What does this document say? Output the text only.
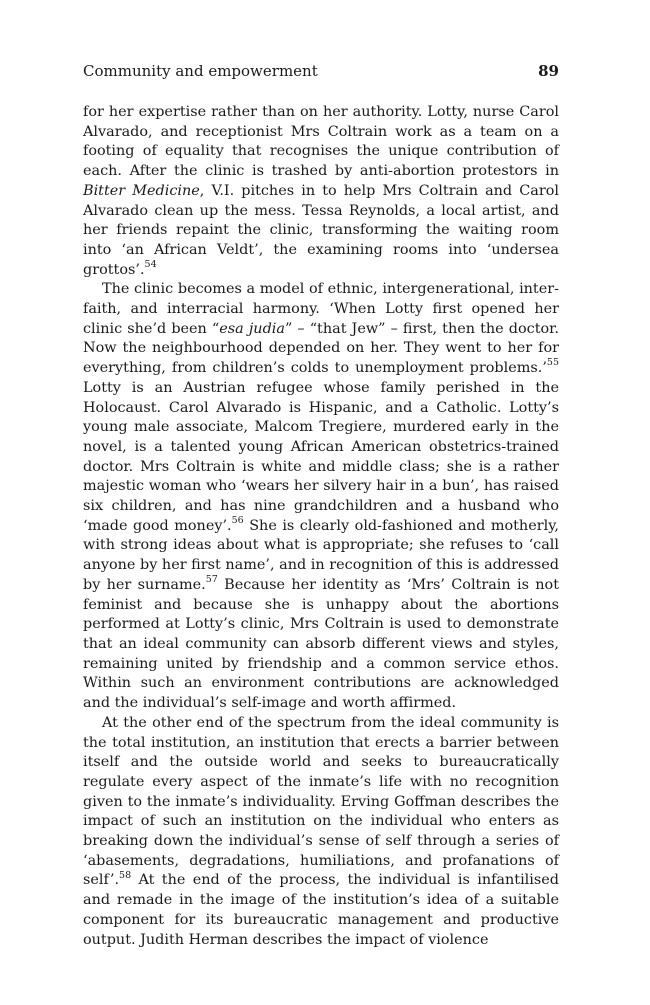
Community and empowerment	89

for her expertise rather than on her authority. Lotty, nurse Carol Alvarado, and receptionist Mrs Coltrain work as a team on a footing of equality that recognises the unique contribution of each. After the clinic is trashed by anti-abortion protestors in Bitter Medicine, V.I. pitches in to help Mrs Coltrain and Carol Alvarado clean up the mess. Tessa Reynolds, a local artist, and her friends repaint the clinic, transforming the waiting room into ‘an African Veldt’, the examining rooms into ‘undersea grottos’.$^{54}$

The clinic becomes a model of ethnic, intergenerational, interfaith, and interracial harmony. ‘When Lotty first opened her clinic she’d been “esa judia” – “that Jew” – first, then the doctor. Now the neighbourhood depended on her. They went to her for everything, from children’s colds to unemployment problems.’$^{55}$ Lotty is an Austrian refugee whose family perished in the Holocaust. Carol Alvarado is Hispanic, and a Catholic. Lotty’s young male associate, Malcom Tregiere, murdered early in the novel, is a talented young African American obstetrics-trained doctor. Mrs Coltrain is white and middle class; she is a rather majestic woman who ‘wears her silvery hair in a bun’, has raised six children, and has nine grandchildren and a husband who ‘made good money’.$^{56}$ She is clearly old-fashioned and motherly, with strong ideas about what is appropriate; she refuses to ‘call anyone by her first name’, and in recognition of this is addressed by her surname.$^{57}$ Because her identity as ‘Mrs’ Coltrain is not feminist and because she is unhappy about the abortions performed at Lotty’s clinic, Mrs Coltrain is used to demonstrate that an ideal community can absorb different views and styles, remaining united by friendship and a common service ethos. Within such an environment contributions are acknowledged and the individual’s self-image and worth affirmed.

At the other end of the spectrum from the ideal community is the total institution, an institution that erects a barrier between itself and the outside world and seeks to bureaucratically regulate every aspect of the inmate’s life with no recognition given to the inmate’s individuality. Erving Goffman describes the impact of such an institution on the individual who enters as breaking down the individual’s sense of self through a series of ‘abasements, degradations, humiliations, and profanations of self’.$^{58}$ At the end of the process, the individual is infantilised and remade in the image of the institution’s idea of a suitable component for its bureaucratic management and productive output. Judith Herman describes the impact of violence
